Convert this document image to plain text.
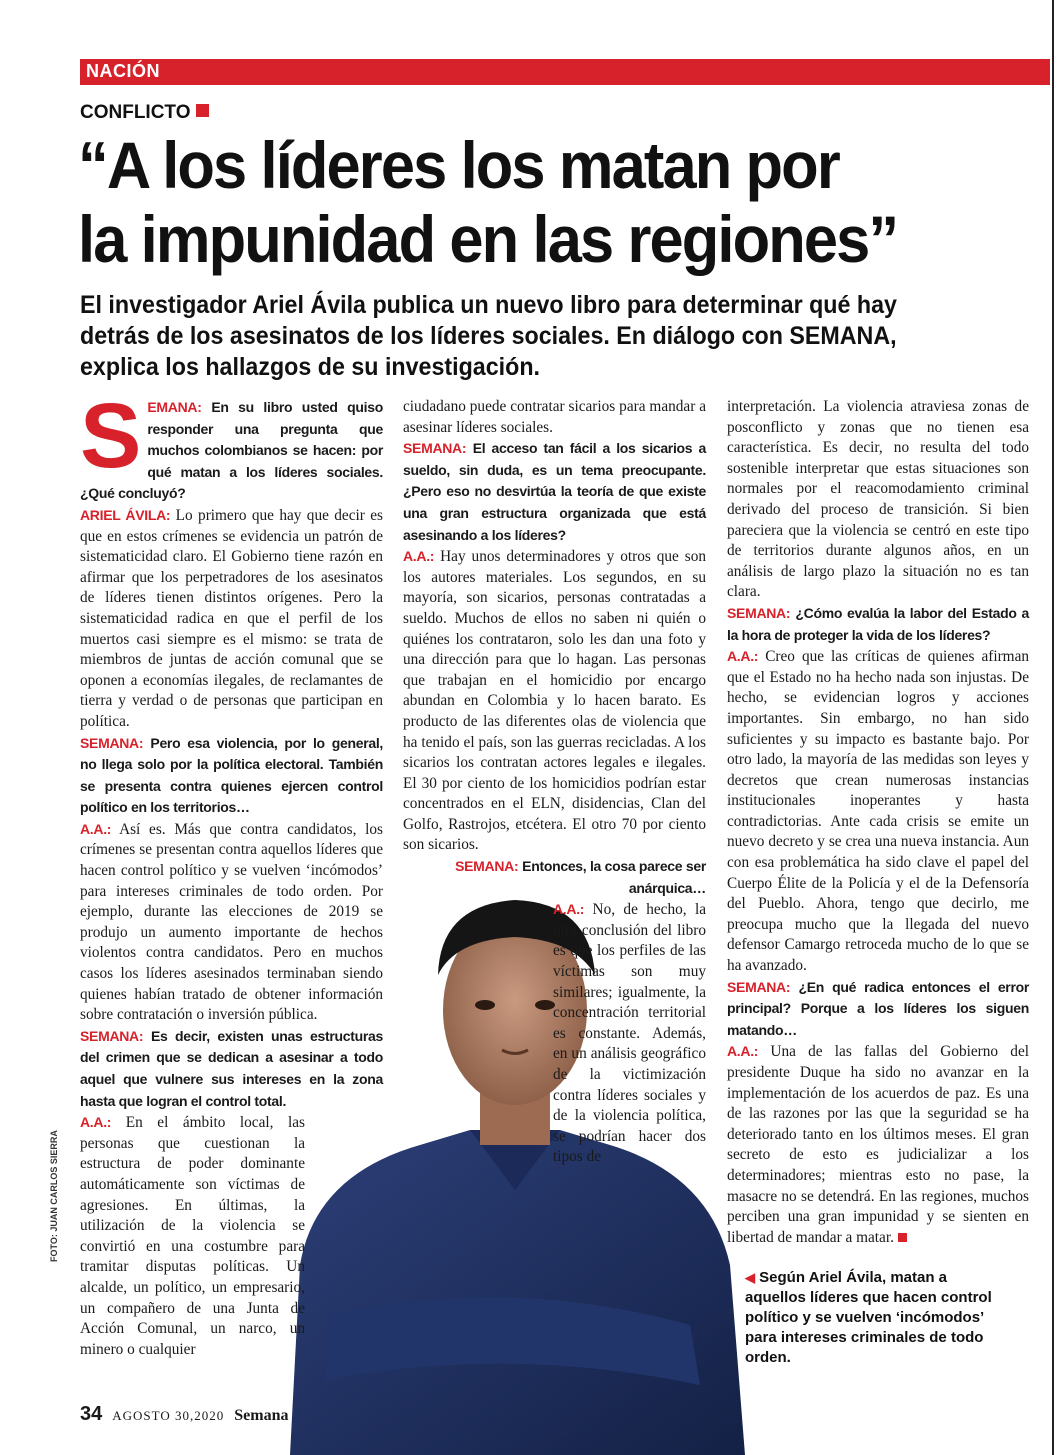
NACIÓN
CONFLICTO
“A los líderes los matan por
la impunidad en las regiones”
El investigador Ariel Ávila publica un nuevo libro para determinar qué hay
detrás de los asesinatos de los líderes sociales. En diálogo con SEMANA,
explica los hallazgos de su investigación.
FOTO: JUAN CARLOS SIERRA
S EMANA: En su libro usted quiso responder una pregunta que muchos colombianos se hacen: por qué matan a los líderes sociales. ¿Qué concluyó?

ARIEL ÁVILA: Lo primero que hay que decir es que en estos crímenes se evidencia un patrón de sistematicidad claro. El Gobierno tiene razón en afirmar que los perpetradores de los asesinatos de líderes tienen distintos orígenes. Pero la sistematicidad radica en que el perfil de los muertos casi siempre es el mismo: se trata de miembros de juntas de acción comunal que se oponen a economías ilegales, de reclamantes de tierra y verdad o de personas que participan en política.

SEMANA: Pero esa violencia, por lo general, no llega solo por la política electoral. También se presenta contra quienes ejercen control político en los territorios…

A.A.: Así es. Más que contra candidatos, los crímenes se presentan contra aquellos líderes que hacen control político y se vuelven ‘incómodos’ para intereses criminales de todo orden. Por ejemplo, durante las elecciones de 2019 se produjo un aumento importante de hechos violentos contra candidatos. Pero en muchos casos los líderes asesinados terminaban siendo quienes habían tratado de obtener información sobre contratación o inversión pública.

SEMANA: Es decir, existen unas estructuras del crimen que se dedican a asesinar a todo aquel que vulnere sus intereses en la zona hasta que logran el control total.

A.A.: En el ámbito local, las personas que cuestionan la estructura de poder dominante automáticamente son víctimas de agresiones. En últimas, la utilización de la violencia se convirtió en una costumbre para tramitar disputas políticas. Un alcalde, un político, un empresario, un compañero de una Junta de Acción Comunal, un narco, un minero o cualquier

ciudadano puede contratar sicarios para mandar a asesinar líderes sociales.

SEMANA: El acceso tan fácil a los sicarios a sueldo, sin duda, es un tema preocupante. ¿Pero eso no desvirtúa la teoría de que existe una gran estructura organizada que está asesinando a los líderes?

A.A.: Hay unos determinadores y otros que son los autores materiales. Los segundos, en su mayoría, son sicarios, personas contratadas a sueldo. Muchos de ellos no saben ni quién o quiénes los contrataron, solo les dan una foto y una dirección para que lo hagan. Las personas que trabajan en el homicidio por encargo abundan en Colombia y lo hacen barato. Es producto de las diferentes olas de violencia que ha tenido el país, son las guerras recicladas. A los sicarios los contratan actores legales e ilegales. El 30 por ciento de los homicidios podrían estar concentrados en el ELN, disidencias, Clan del Golfo, Rastrojos, etcétera. El otro 70 por ciento son sicarios.

SEMANA: Entonces, la cosa parece ser anárquica…

A.A.: No, de hecho, la otra conclusión del libro es que los perfiles de las víctimas son muy similares; igualmente, la concentración territorial es constante. Además, en un análisis geográfico de la victimización contra líderes sociales y de la violencia política, se podrían hacer dos tipos de

interpretación. La violencia atraviesa zonas de posconflicto y zonas que no tienen esa característica. Es decir, no resulta del todo sostenible interpretar que estas situaciones son normales por el reacomodamiento criminal derivado del proceso de transición. Si bien pareciera que la violencia se centró en este tipo de territorios durante algunos años, en un análisis de largo plazo la situación no es tan clara.

SEMANA: ¿Cómo evalúa la labor del Estado a la hora de proteger la vida de los líderes?

A.A.: Creo que las críticas de quienes afirman que el Estado no ha hecho nada son injustas. De hecho, se evidencian logros y acciones importantes. Sin embargo, no han sido suficientes y su impacto es bastante bajo. Por otro lado, la mayoría de las medidas son leyes y decretos que crean numerosas instancias institucionales inoperantes y hasta contradictorias. Ante cada crisis se emite un nuevo decreto y se crea una nueva instancia. Aun con esa problemática ha sido clave el papel del Cuerpo Élite de la Policía y el de la Defensoría del Pueblo. Ahora, tengo que decirlo, me preocupa mucho que la llegada del nuevo defensor Camargo retroceda mucho de lo que se ha avanzado.

SEMANA: ¿En qué radica entonces el error principal? Porque a los líderes los siguen matando…

A.A.: Una de las fallas del Gobierno del presidente Duque ha sido no avanzar en la implementación de los acuerdos de paz. Es una de las razones por las que la seguridad se ha deteriorado tanto en los últimos meses. El gran secreto de esto es judicializar a los determinadores; mientras esto no pase, la masacre no se detendrá. En las regiones, muchos perciben una gran impunidad y se sienten en libertad de mandar a matar.

◀ Según Ariel Ávila, matan a aquellos líderes que hacen control político y se vuelven ‘incómodos’ para intereses criminales de todo orden.
34 AGOSTO 30,2020 Semana
